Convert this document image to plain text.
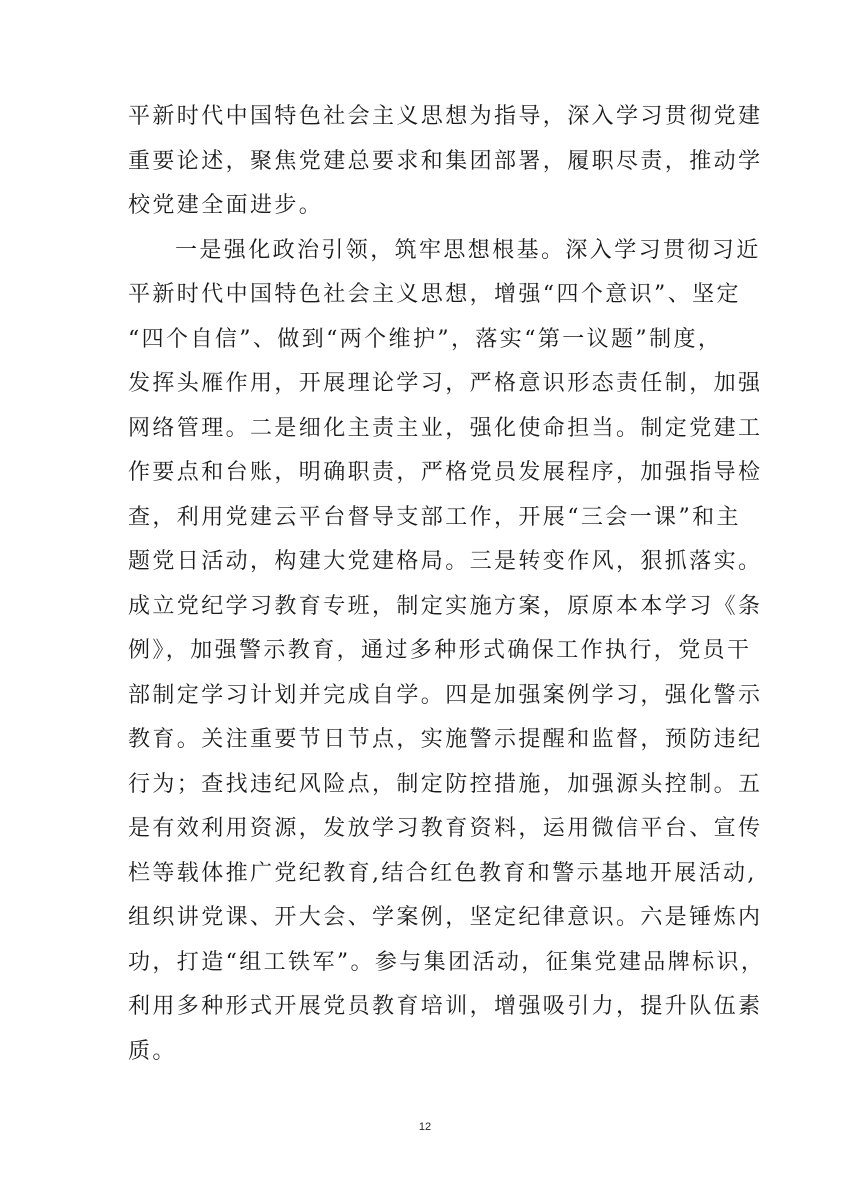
平新时代中国特色社会主义思想为指导，深入学习贯彻党建
重要论述，聚焦党建总要求和集团部署，履职尽责，推动学
校党建全面进步。
一是强化政治引领，筑牢思想根基。深入学习贯彻习近
平新时代中国特色社会主义思想，增强“四个意识”、坚定
“四个自信”、做到“两个维护”，落实“第一议题”制度，
发挥头雁作用，开展理论学习，严格意识形态责任制，加强
网络管理。二是细化主责主业，强化使命担当。制定党建工
作要点和台账，明确职责，严格党员发展程序，加强指导检
查，利用党建云平台督导支部工作，开展“三会一课”和主
题党日活动，构建大党建格局。三是转变作风，狠抓落实。
成立党纪学习教育专班，制定实施方案，原原本本学习《条
例》，加强警示教育，通过多种形式确保工作执行，党员干
部制定学习计划并完成自学。四是加强案例学习，强化警示
教育。关注重要节日节点，实施警示提醒和监督，预防违纪
行为；查找违纪风险点，制定防控措施，加强源头控制。五
是有效利用资源，发放学习教育资料，运用微信平台、宣传
栏等载体推广党纪教育,结合红色教育和警示基地开展活动,
组织讲党课、开大会、学案例，坚定纪律意识。六是锤炼内
功，打造“组工铁军”。参与集团活动，征集党建品牌标识，
利用多种形式开展党员教育培训，增强吸引力，提升队伍素
质。
12
